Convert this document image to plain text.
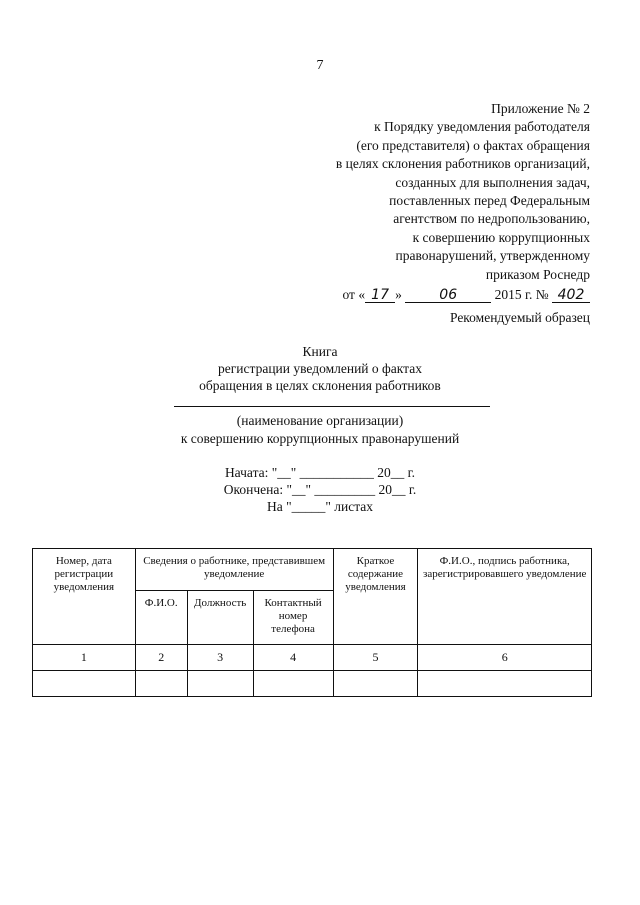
7
Приложение № 2
к Порядку уведомления работодателя
(его представителя) о фактах обращения
в целях склонения работников организаций,
созданных для выполнения задач,
поставленных перед Федеральным
агентством по недропользованию,
к совершению коррупционных
правонарушений, утвержденному
приказом Роснедр
от « 17 »	06	2015 г. № 402
Рекомендуемый образец
Книга
регистрации уведомлений о фактах
обращения в целях склонения работников
(наименование организации)
к совершению коррупционных правонарушений
Начата: "__" ___________ 20__ г.
Окончена: "__" _________ 20__ г.
На "_____" листах
Номер, дата регистрации уведомления	Сведения о работнике, представившем уведомление			Краткое содержание уведомления	Ф.И.О., подпись работника, зарегистрировавшего уведомление
	Ф.И.О.	Должность	Контактный номер телефона		
1	2	3	4	5	6
